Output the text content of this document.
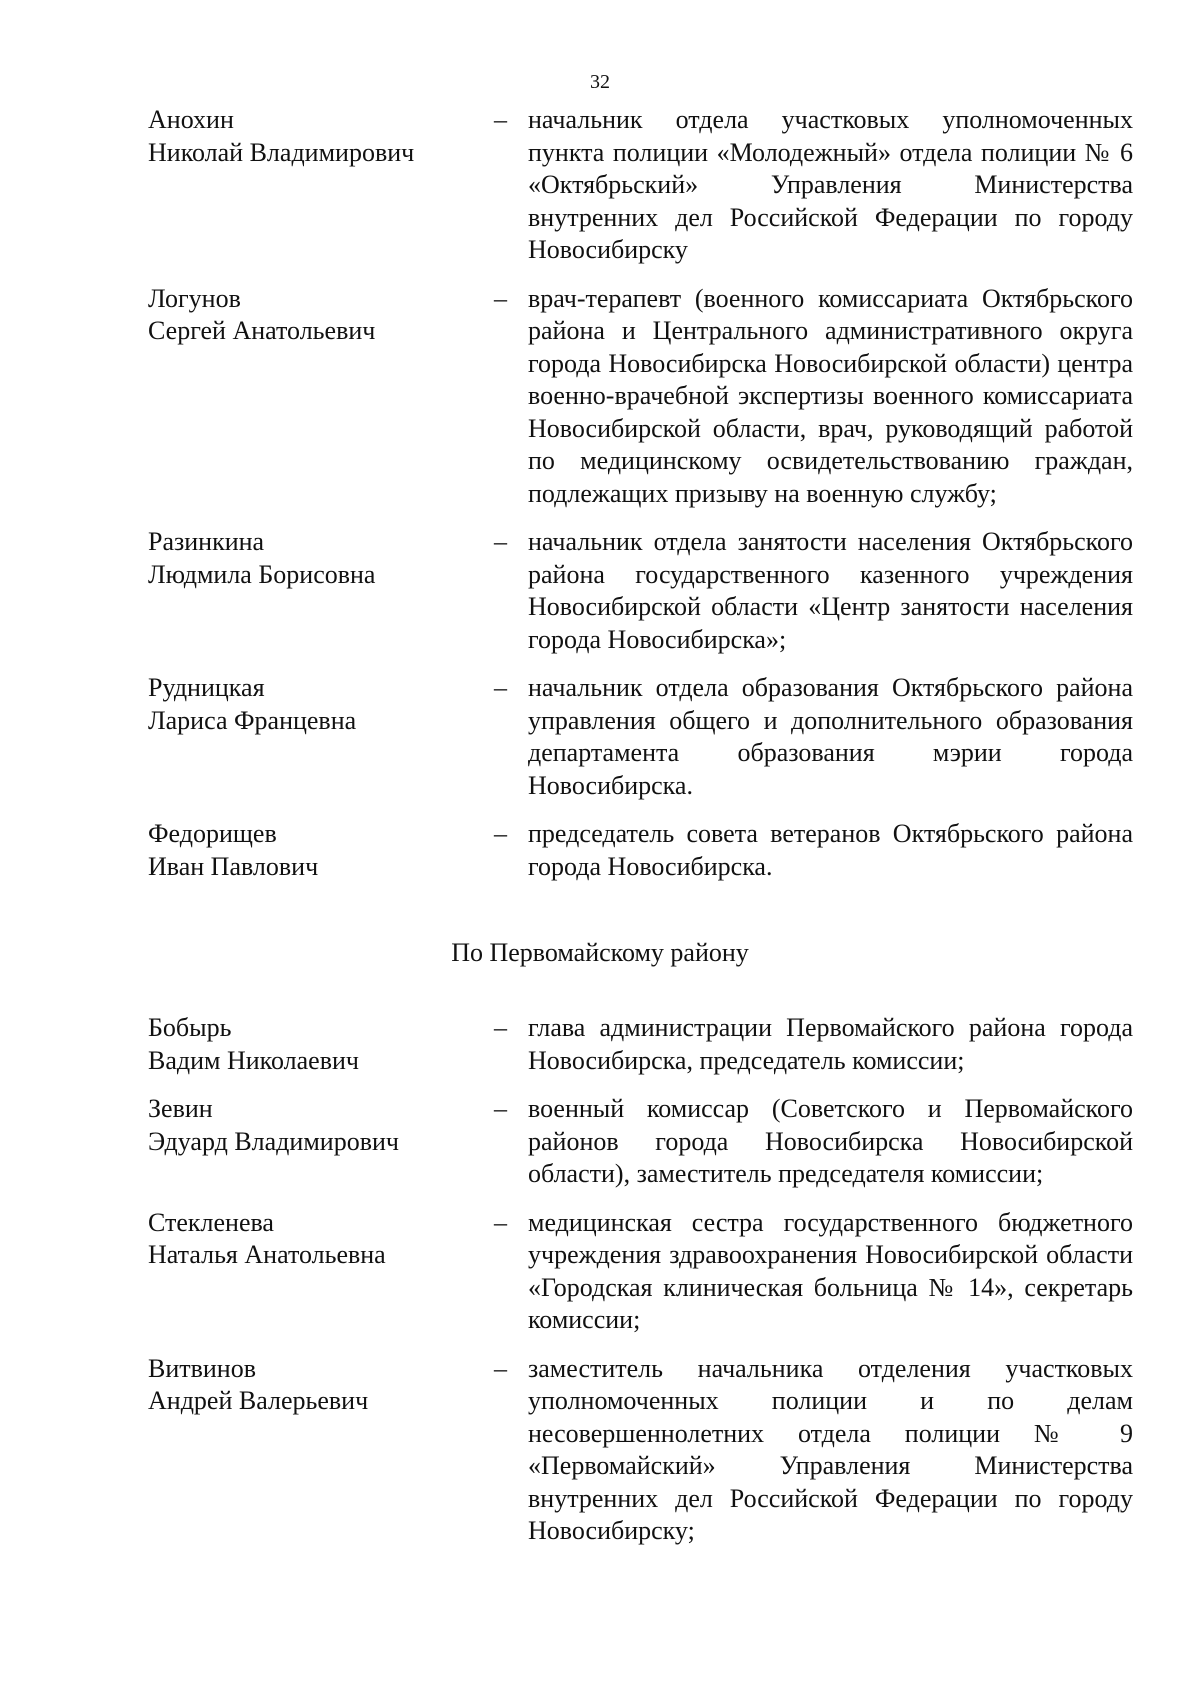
32
Анохин
Николай Владимирович
– начальник отдела участковых уполномоченных пункта полиции «Молодежный» отдела полиции № 6 «Октябрьский» Управления Министерства внутренних дел Российской Федерации по городу Новосибирску
Логунов
Сергей Анатольевич
– врач-терапевт (военного комиссариата Октябрьского района и Центрального административного округа города Новосибирска Новосибирской области) центра военно-врачебной экспертизы военного комиссариата Новосибирской области, врач, руководящий работой по медицинскому освидетельствованию граждан, подлежащих призыву на военную службу;
Разинкина
Людмила Борисовна
– начальник отдела занятости населения Октябрьского района государственного казенного учреждения Новосибирской области «Центр занятости населения города Новосибирска»;
Рудницкая
Лариса Францевна
– начальник отдела образования Октябрьского района управления общего и дополнительного образования департамента образования мэрии города Новосибирска.
Федорищев
Иван Павлович
– председатель совета ветеранов Октябрьского района города Новосибирска.
По Первомайскому району
Бобырь
Вадим Николаевич
– глава администрации Первомайского района города Новосибирска, председатель комиссии;
Зевин
Эдуард Владимирович
– военный комиссар (Советского и Первомайского районов города Новосибирска Новосибирской области), заместитель председателя комиссии;
Стекленева
Наталья Анатольевна
– медицинская сестра государственного бюджетного учреждения здравоохранения Новосибирской области «Городская клиническая больница № 14», секретарь комиссии;
Витвинов
Андрей Валерьевич
– заместитель начальника отделения участковых уполномоченных полиции и по делам несовершеннолетних отдела полиции № 9 «Первомайский» Управления Министерства внутренних дел Российской Федерации по городу Новосибирску;
